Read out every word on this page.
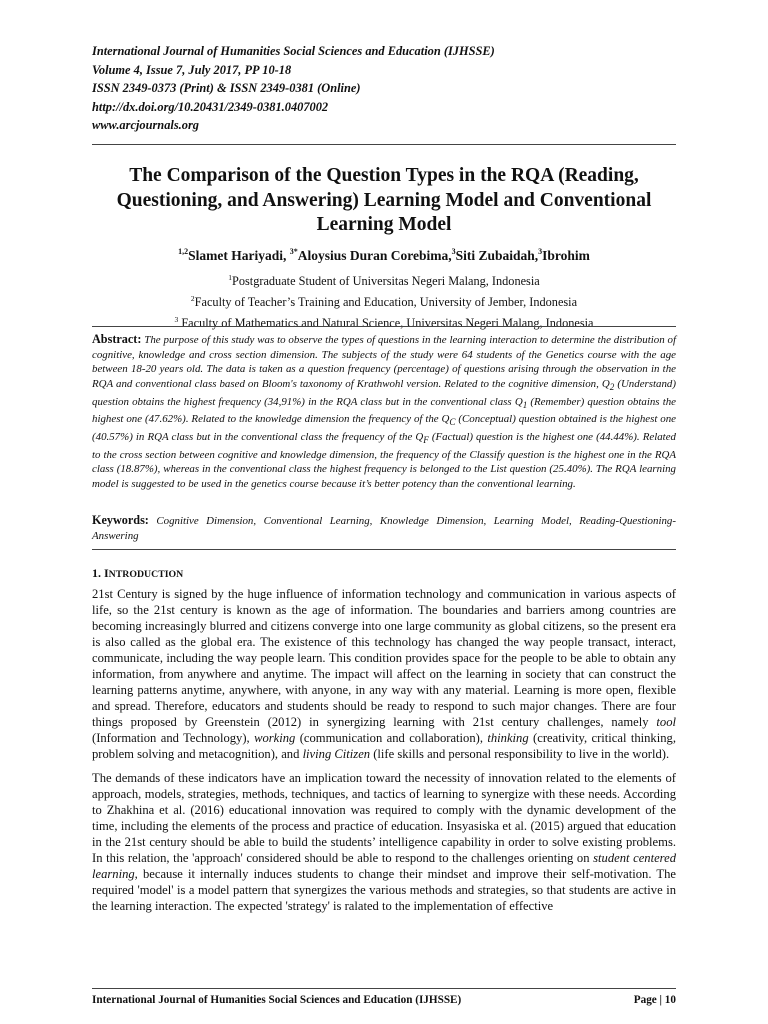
International Journal of Humanities Social Sciences and Education (IJHSSE)
Volume 4, Issue 7, July 2017, PP 10-18
ISSN 2349-0373 (Print) & ISSN 2349-0381 (Online)
http://dx.doi.org/10.20431/2349-0381.0407002
www.arcjournals.org
The Comparison of the Question Types in the RQA (Reading, Questioning, and Answering) Learning Model and Conventional Learning Model
$^{1,2}$Slamet Hariyadi, $^{3*}$Aloysius Duran Corebima,$^3$Siti Zubaidah,$^3$Ibrohim
$^1$Postgraduate Student of Universitas Negeri Malang, Indonesia
$^2$Faculty of Teacher’s Training and Education, University of Jember, Indonesia
$^3$ Faculty of Mathematics and Natural Science, Universitas Negeri Malang, Indonesia
Abstract: The purpose of this study was to observe the types of questions in the learning interaction to determine the distribution of cognitive, knowledge and cross section dimension. The subjects of the study were 64 students of the Genetics course with the age between 18-20 years old. The data is taken as a question frequency (percentage) of questions arising through the observation in the RQA and conventional class based on Bloom's taxonomy of Krathwohl version. Related to the cognitive dimension, $Q_2$ (Understand) question obtains the highest frequency (34,91%) in the RQA class but in the conventional class $Q_1$ (Remember) question obtains the highest one (47.62%). Related to the knowledge dimension the frequency of the $Q_C$ (Conceptual) question obtained is the highest one (40.57%) in RQA class but in the conventional class the frequency of the $Q_F$ (Factual) question is the highest one (44.44%). Related to the cross section between cognitive and knowledge dimension, the frequency of the Classify question is the highest one in the RQA class (18.87%), whereas in the conventional class the highest frequency is belonged to the List question (25.40%). The RQA learning model is suggested to be used in the genetics course because it’s better potency than the conventional learning.
Keywords: Cognitive Dimension, Conventional Learning, Knowledge Dimension, Learning Model, Reading-Questioning-Answering
1. INTRODUCTION

21st Century is signed by the huge influence of information technology and communication in various aspects of life, so the 21st century is known as the age of information. The boundaries and barriers among countries are becoming increasingly blurred and citizens converge into one large community as global citizens, so the present era is also called as the global era. The existence of this technology has changed the way people transact, interact, communicate, including the way people learn. This condition provides space for the people to be able to obtain any information, from anywhere and anytime. The impact will affect on the learning in society that can construct the learning patterns anytime, anywhere, with anyone, in any way with any material. Learning is more open, flexible and spread. Therefore, educators and students should be ready to respond to such major changes. There are four things proposed by Greenstein (2012) in synergizing learning with 21st century challenges, namely tool (Information and Technology), working (communication and collaboration), thinking (creativity, critical thinking, problem solving and metacognition), and living Citizen (life skills and personal responsibility to live in the world).

The demands of these indicators have an implication toward the necessity of innovation related to the elements of approach, models, strategies, methods, techniques, and tactics of learning to synergize with these needs. According to Zhakhina et al. (2016) educational innovation was required to comply with the dynamic development of the time, including the elements of the process and practice of education. Insyasiska et al. (2015) argued that education in the 21st century should be able to build the students’ intelligence capability in order to solve existing problems. In this relation, the 'approach' considered should be able to respond to the challenges orienting on student centered learning, because it internally induces students to change their mindset and improve their self-motivation. The required 'model' is a model pattern that synergizes the various methods and strategies, so that students are active in the learning interaction. The expected 'strategy' is ralated to the implementation of effective

International Journal of Humanities Social Sciences and Education (IJHSSE)	Page | 10
